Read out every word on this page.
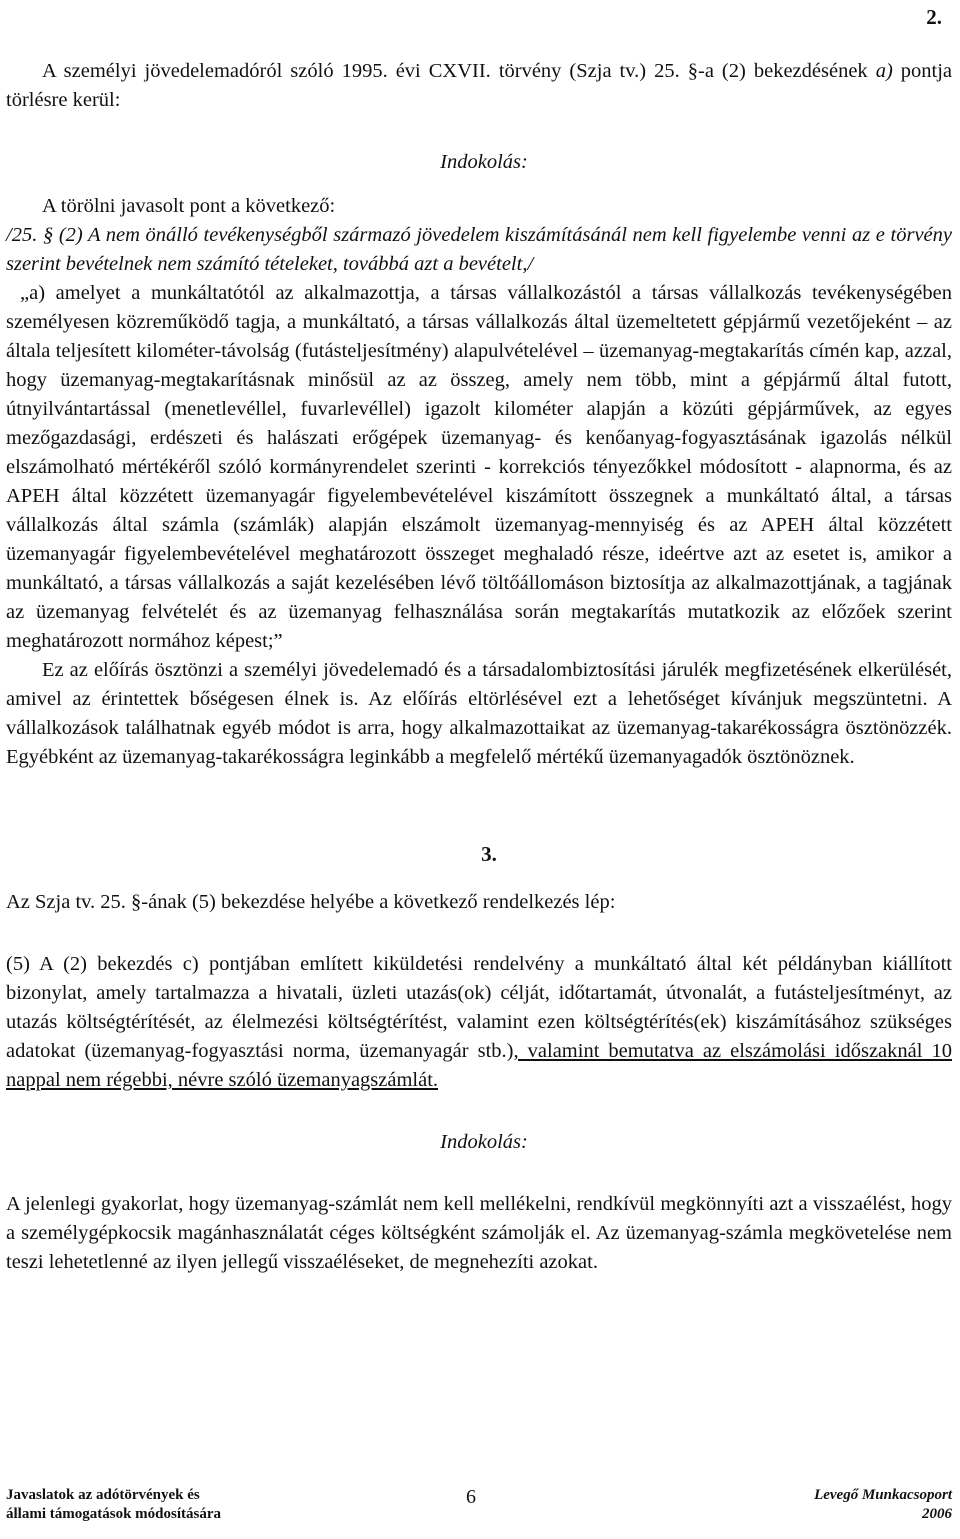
2.

A személyi jövedelemadóról szóló 1995. évi CXVII. törvény (Szja tv.) 25. §-a (2) bekezdésének a) pontja törlésre kerül:

Indokolás:

A törölni javasolt pont a következő:

/25. § (2) A nem önálló tevékenységből származó jövedelem kiszámításánál nem kell figyelembe venni az e törvény szerint bevételnek nem számító tételeket, továbbá azt a bevételt,/

„a) amelyet a munkáltatótól az alkalmazottja, a társas vállalkozástól a társas vállalkozás tevékenységében személyesen közreműködő tagja, a munkáltató, a társas vállalkozás által üzemeltetett gépjármű vezetőjeként – az általa teljesített kilométer-távolság (futásteljesítmény) alapulvételével – üzemanyag-megtakarítás címén kap, azzal, hogy üzemanyag-megtakarításnak minősül az az összeg, amely nem több, mint a gépjármű által futott, útnyilvántartással (menetlevéllel, fuvarlevéllel) igazolt kilométer alapján a közúti gépjárművek, az egyes mezőgazdasági, erdészeti és halászati erőgépek üzemanyag- és kenőanyag-fogyasztásának igazolás nélkül elszámolható mértékéről szóló kormányrendelet szerinti - korrekciós tényezőkkel módosított - alapnorma, és az APEH által közzétett üzemanyagár figyelembevételével kiszámított összegnek a munkáltató által, a társas vállalkozás által számla (számlák) alapján elszámolt üzemanyag-mennyiség és az APEH által közzétett üzemanyagár figyelembevételével meghatározott összeget meghaladó része, ideértve azt az esetet is, amikor a munkáltató, a társas vállalkozás a saját kezelésében lévő töltőállomáson biztosítja az alkalmazottjának, a tagjának az üzemanyag felvételét és az üzemanyag felhasználása során megtakarítás mutatkozik az előzőek szerint meghatározott normához képest;”

Ez az előírás ösztönzi a személyi jövedelemadó és a társadalombiztosítási járulék megfizetésének elkerülését, amivel az érintettek bőségesen élnek is. Az előírás eltörlésével ezt a lehetőséget kívánjuk megszüntetni. A vállalkozások találhatnak egyéb módot is arra, hogy alkalmazottaikat az üzemanyag-takarékosságra ösztönözzék. Egyébként az üzemanyag-takarékosságra leginkább a megfelelő mértékű üzemanyagadók ösztönöznek.

3.

Az Szja tv. 25. §-ának (5) bekezdése helyébe a következő rendelkezés lép:

(5) A (2) bekezdés c) pontjában említett kiküldetési rendelvény a munkáltató által két példányban kiállított bizonylat, amely tartalmazza a hivatali, üzleti utazás(ok) célját, időtartamát, útvonalát, a futásteljesítményt, az utazás költségtérítését, az élelmezési költségtérítést, valamint ezen költségtérítés(ek) kiszámításához szükséges adatokat (üzemanyag-fogyasztási norma, üzemanyagár stb.), valamint bemutatva az elszámolási időszaknál 10 nappal nem régebbi, névre szóló üzemanyagszámlát.

Indokolás:

A jelenlegi gyakorlat, hogy üzemanyag-számlát nem kell mellékelni, rendkívül megkönnyíti azt a visszaélést, hogy a személygépkocsik magánhasználatát céges költségként számolják el. Az üzemanyag-számla megkövetelése nem teszi lehetetlenné az ilyen jellegű visszaéléseket, de megnehezíti azokat.

Javaslatok az adótörvények és
állami támogatások módosítására
6	Levegő Munkacsoport
2006
